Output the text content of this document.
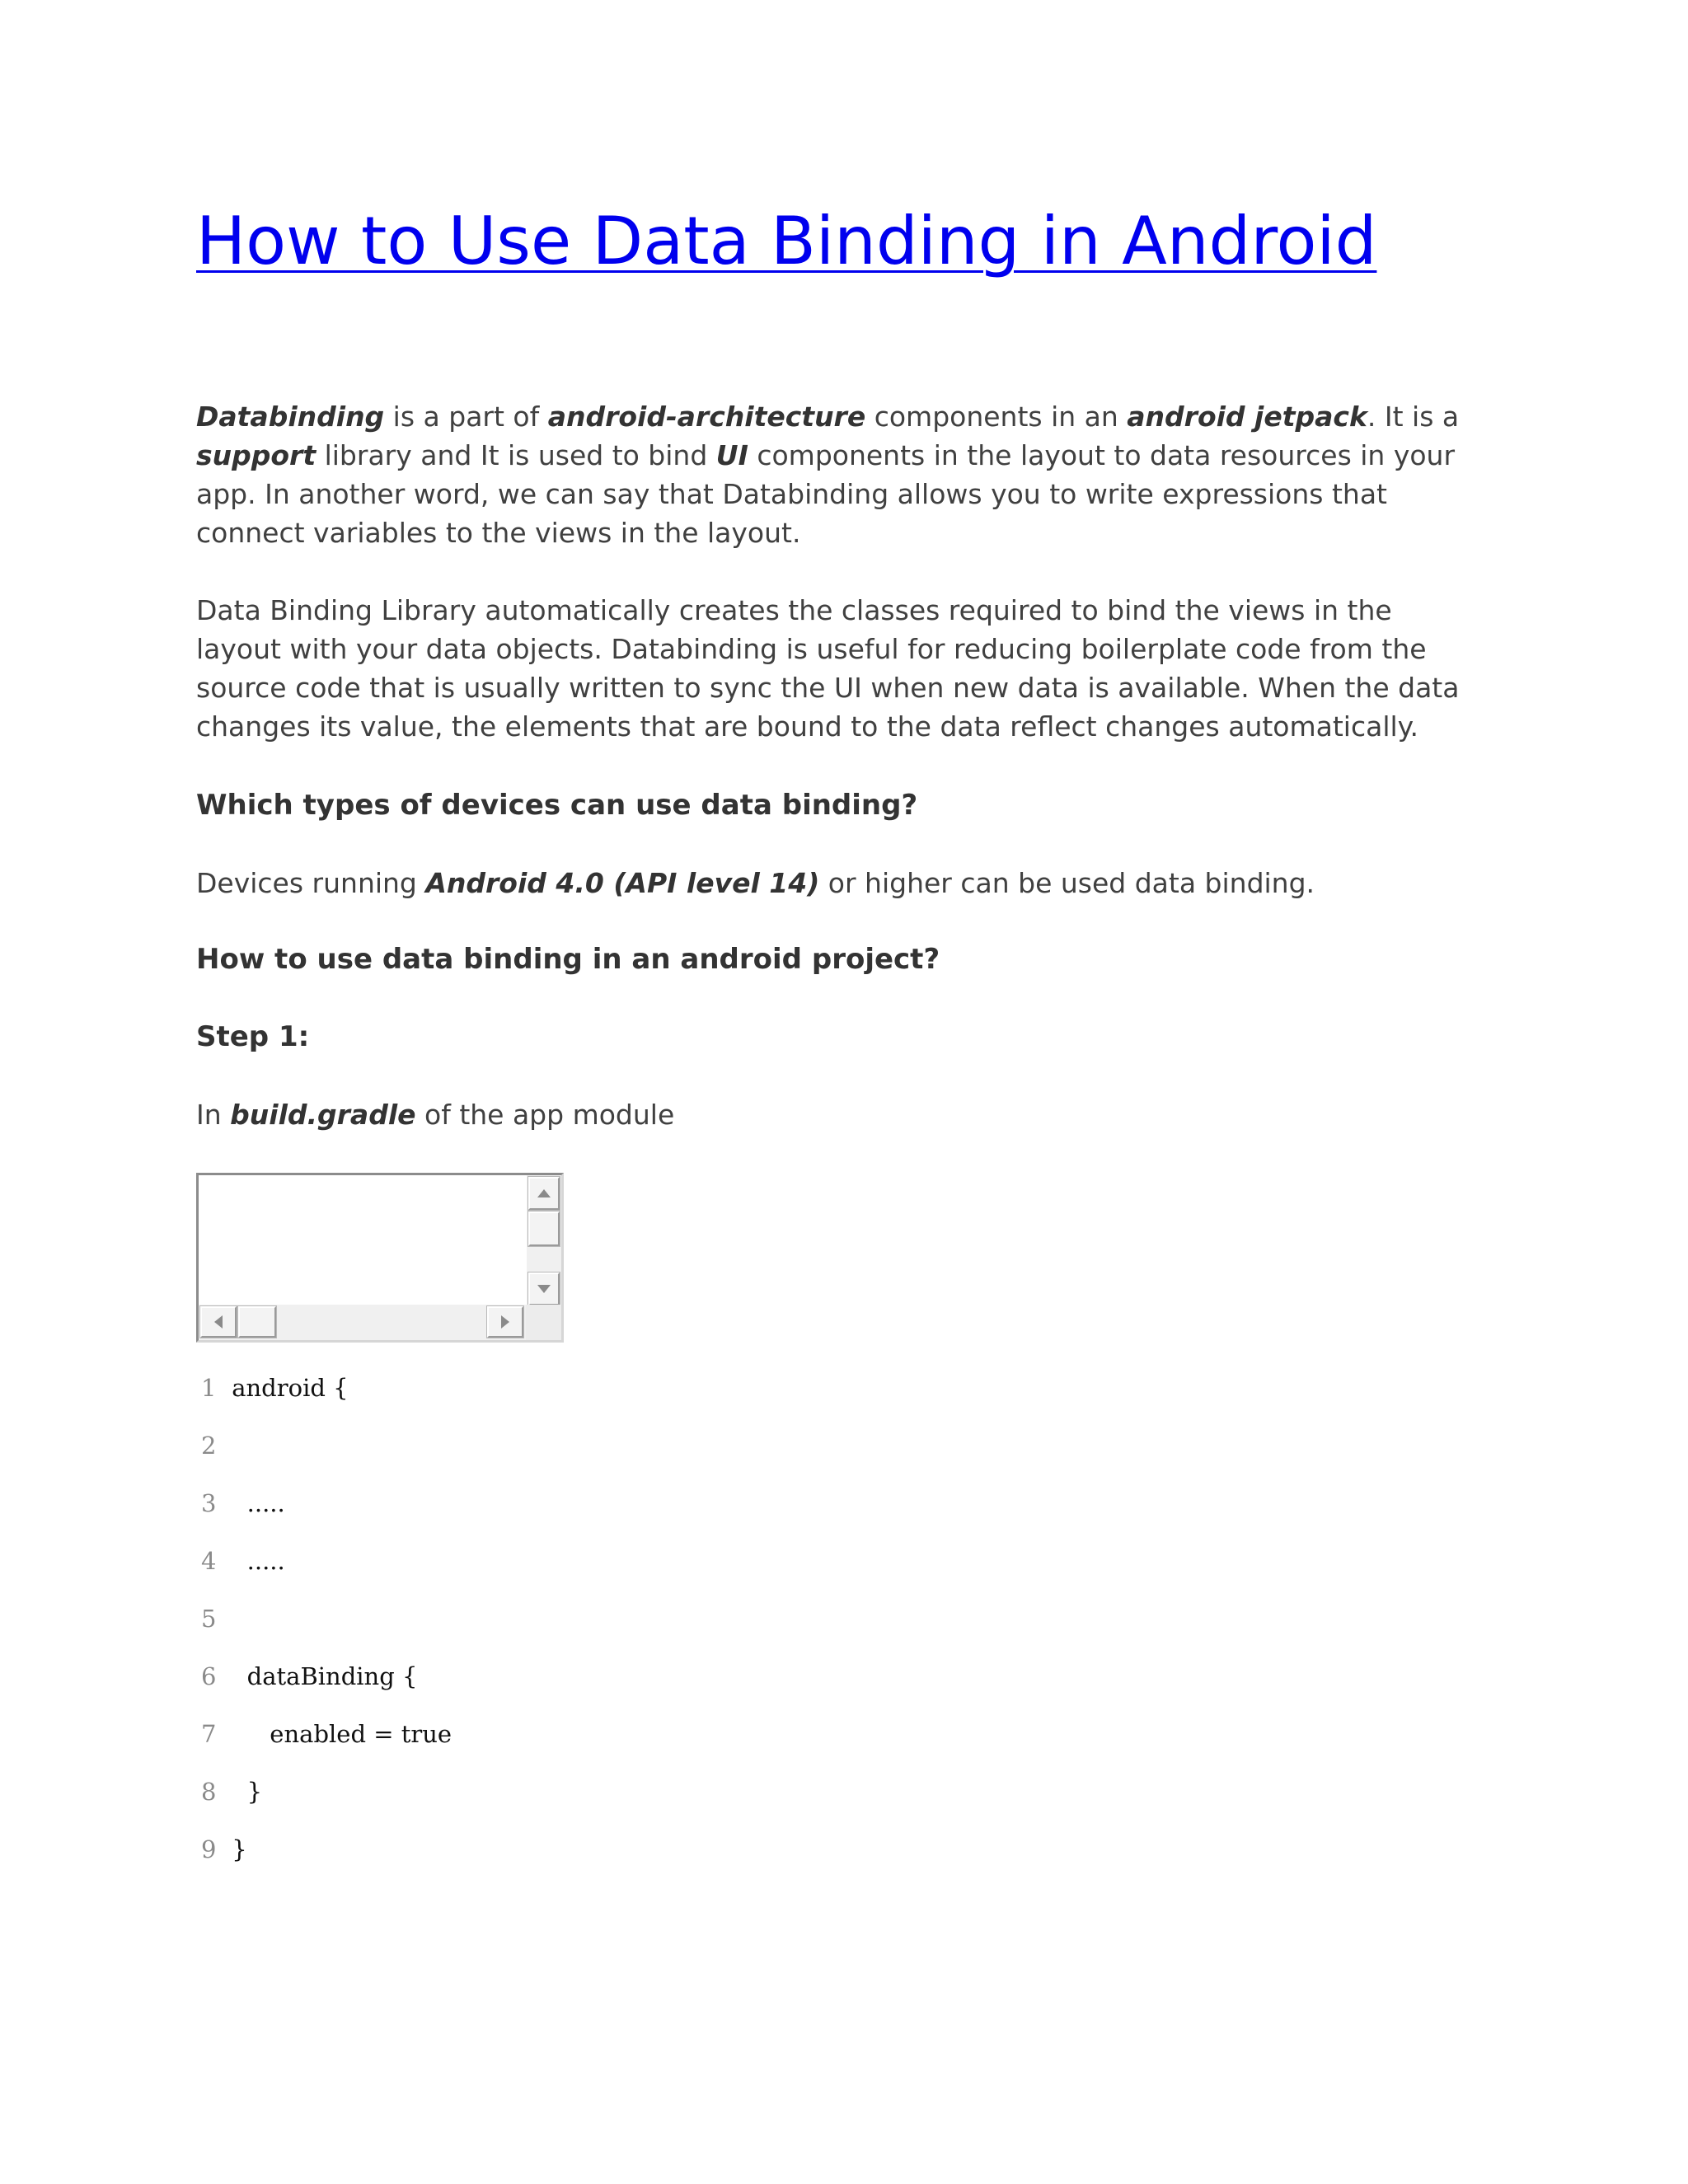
How to Use Data Binding in Android

Databinding is a part of android-architecture components in an android jetpack. It is a support library and It is used to bind UI components in the layout to data resources in your app. In another word, we can say that Databinding allows you to write expressions that connect variables to the views in the layout.

Data Binding Library automatically creates the classes required to bind the views in the layout with your data objects. Databinding is useful for reducing boilerplate code from the source code that is usually written to sync the UI when new data is available. When the data changes its value, the elements that are bound to the data reflect changes automatically.

Which types of devices can use data binding?

Devices running Android 4.0 (API level 14) or higher can be used data binding.

How to use data binding in an android project?
Step 1:

In build.gradle of the app module

1 android {
2
3   .....
4   .....
5
6   dataBinding {
7      enabled = true
8   }
9 }
